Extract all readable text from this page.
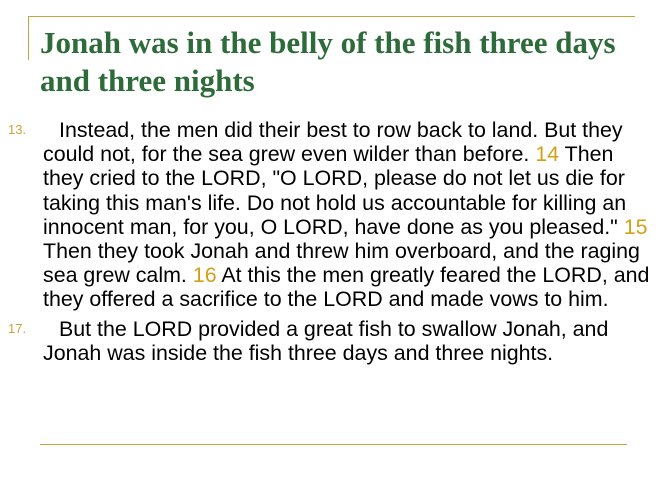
Jonah was in the belly of the fish three days and three nights
13. Instead, the men did their best to row back to land. But they could not, for the sea grew even wilder than before. 14 Then they cried to the LORD, "O LORD, please do not let us die for taking this man's life. Do not hold us accountable for killing an innocent man, for you, O LORD, have done as you pleased." 15 Then they took Jonah and threw him overboard, and the raging sea grew calm. 16 At this the men greatly feared the LORD, and they offered a sacrifice to the LORD and made vows to him.
17. But the LORD provided a great fish to swallow Jonah, and Jonah was inside the fish three days and three nights.
